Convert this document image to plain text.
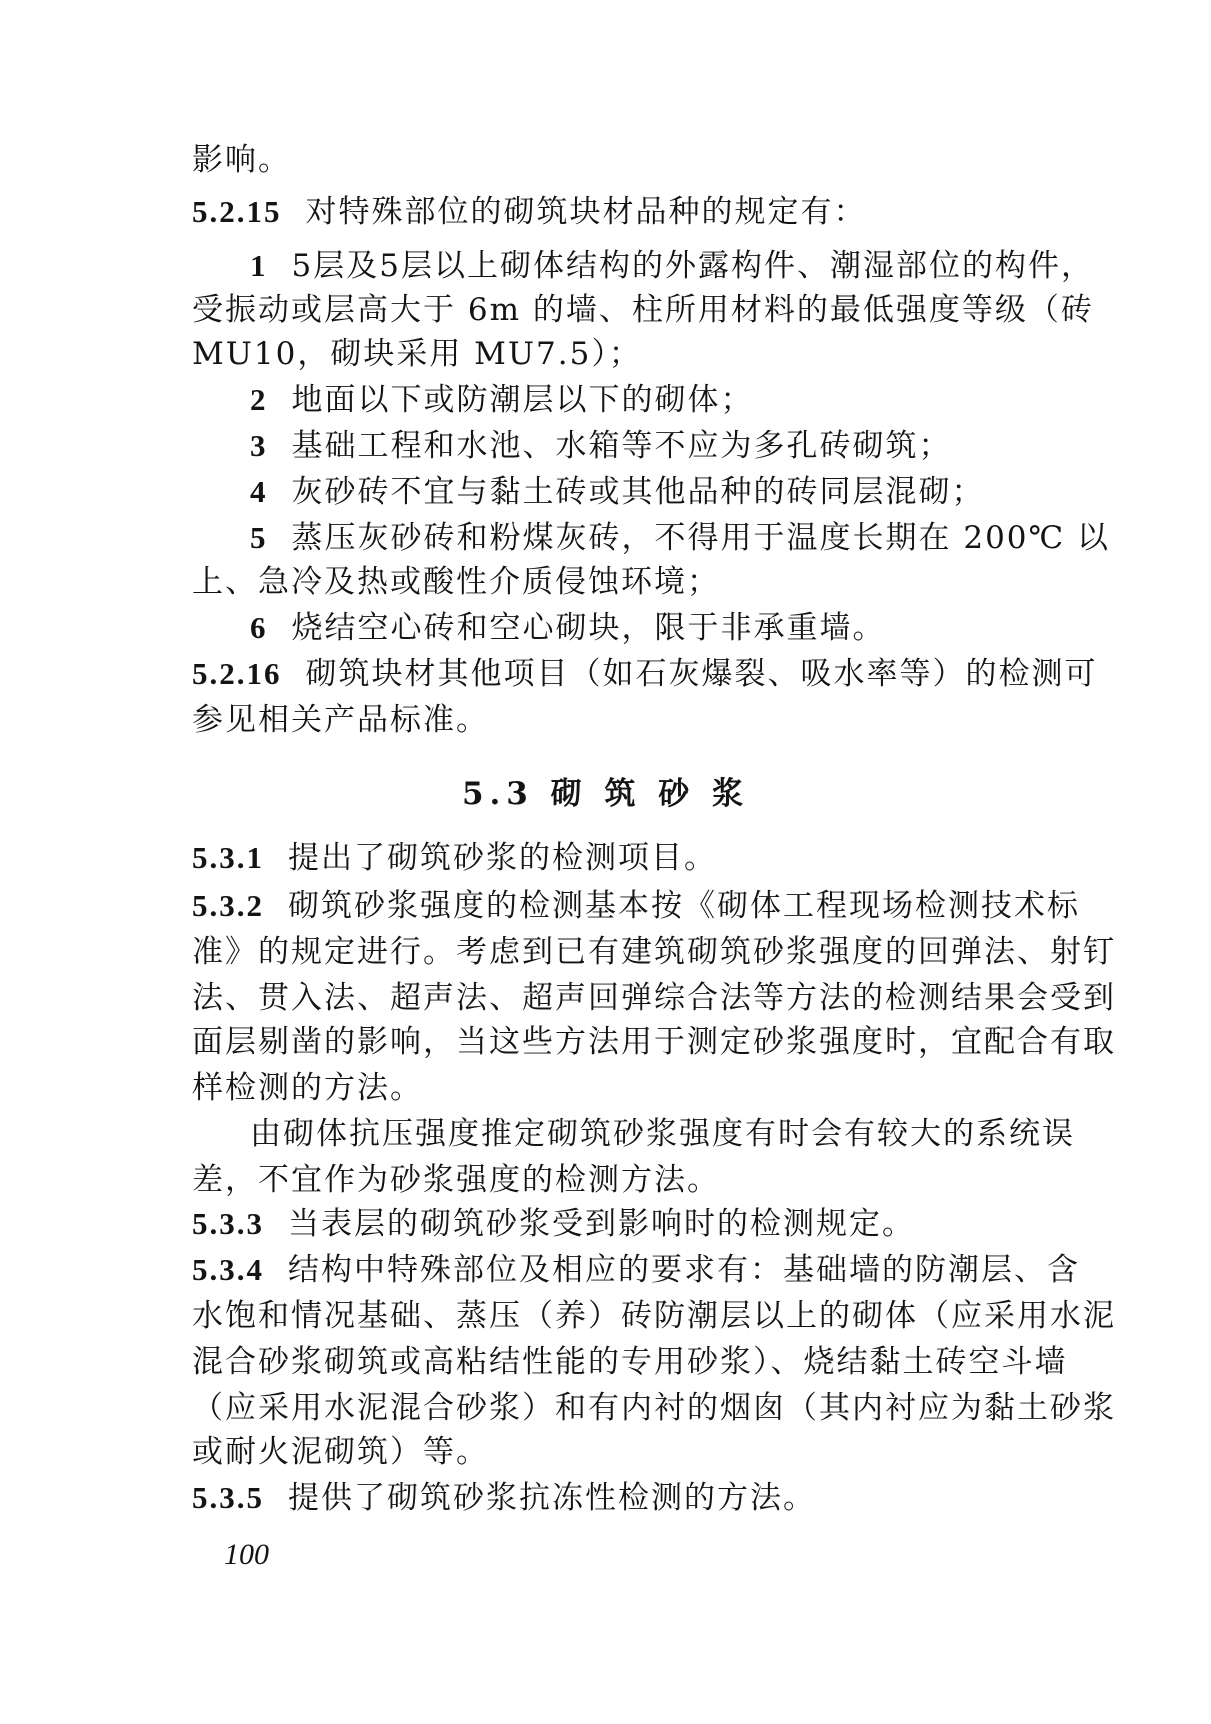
影响。
5.2.15 对特殊部位的砌筑块材品种的规定有：
1 5层及5层以上砌体结构的外露构件、潮湿部位的构件，
受振动或层高大于 6m 的墙、柱所用材料的最低强度等级（砖
MU10，砌块采用 MU7.5）；
2 地面以下或防潮层以下的砌体；
3 基础工程和水池、水箱等不应为多孔砖砌筑；
4 灰砂砖不宜与黏土砖或其他品种的砖同层混砌；
5 蒸压灰砂砖和粉煤灰砖，不得用于温度长期在 200℃ 以
上、急冷及热或酸性介质侵蚀环境；
6 烧结空心砖和空心砌块，限于非承重墙。
5.2.16 砌筑块材其他项目（如石灰爆裂、吸水率等）的检测可
参见相关产品标准。
5.3 砌 筑 砂 浆
5.3.1 提出了砌筑砂浆的检测项目。
5.3.2 砌筑砂浆强度的检测基本按《砌体工程现场检测技术标
准》的规定进行。考虑到已有建筑砌筑砂浆强度的回弹法、射钉
法、贯入法、超声法、超声回弹综合法等方法的检测结果会受到
面层剔凿的影响，当这些方法用于测定砂浆强度时，宜配合有取
样检测的方法。
由砌体抗压强度推定砌筑砂浆强度有时会有较大的系统误
差，不宜作为砂浆强度的检测方法。
5.3.3 当表层的砌筑砂浆受到影响时的检测规定。
5.3.4 结构中特殊部位及相应的要求有：基础墙的防潮层、含
水饱和情况基础、蒸压（养）砖防潮层以上的砌体（应采用水泥
混合砂浆砌筑或高粘结性能的专用砂浆）、烧结黏土砖空斗墙
（应采用水泥混合砂浆）和有内衬的烟囱（其内衬应为黏土砂浆
或耐火泥砌筑）等。
5.3.5 提供了砌筑砂浆抗冻性检测的方法。
100
